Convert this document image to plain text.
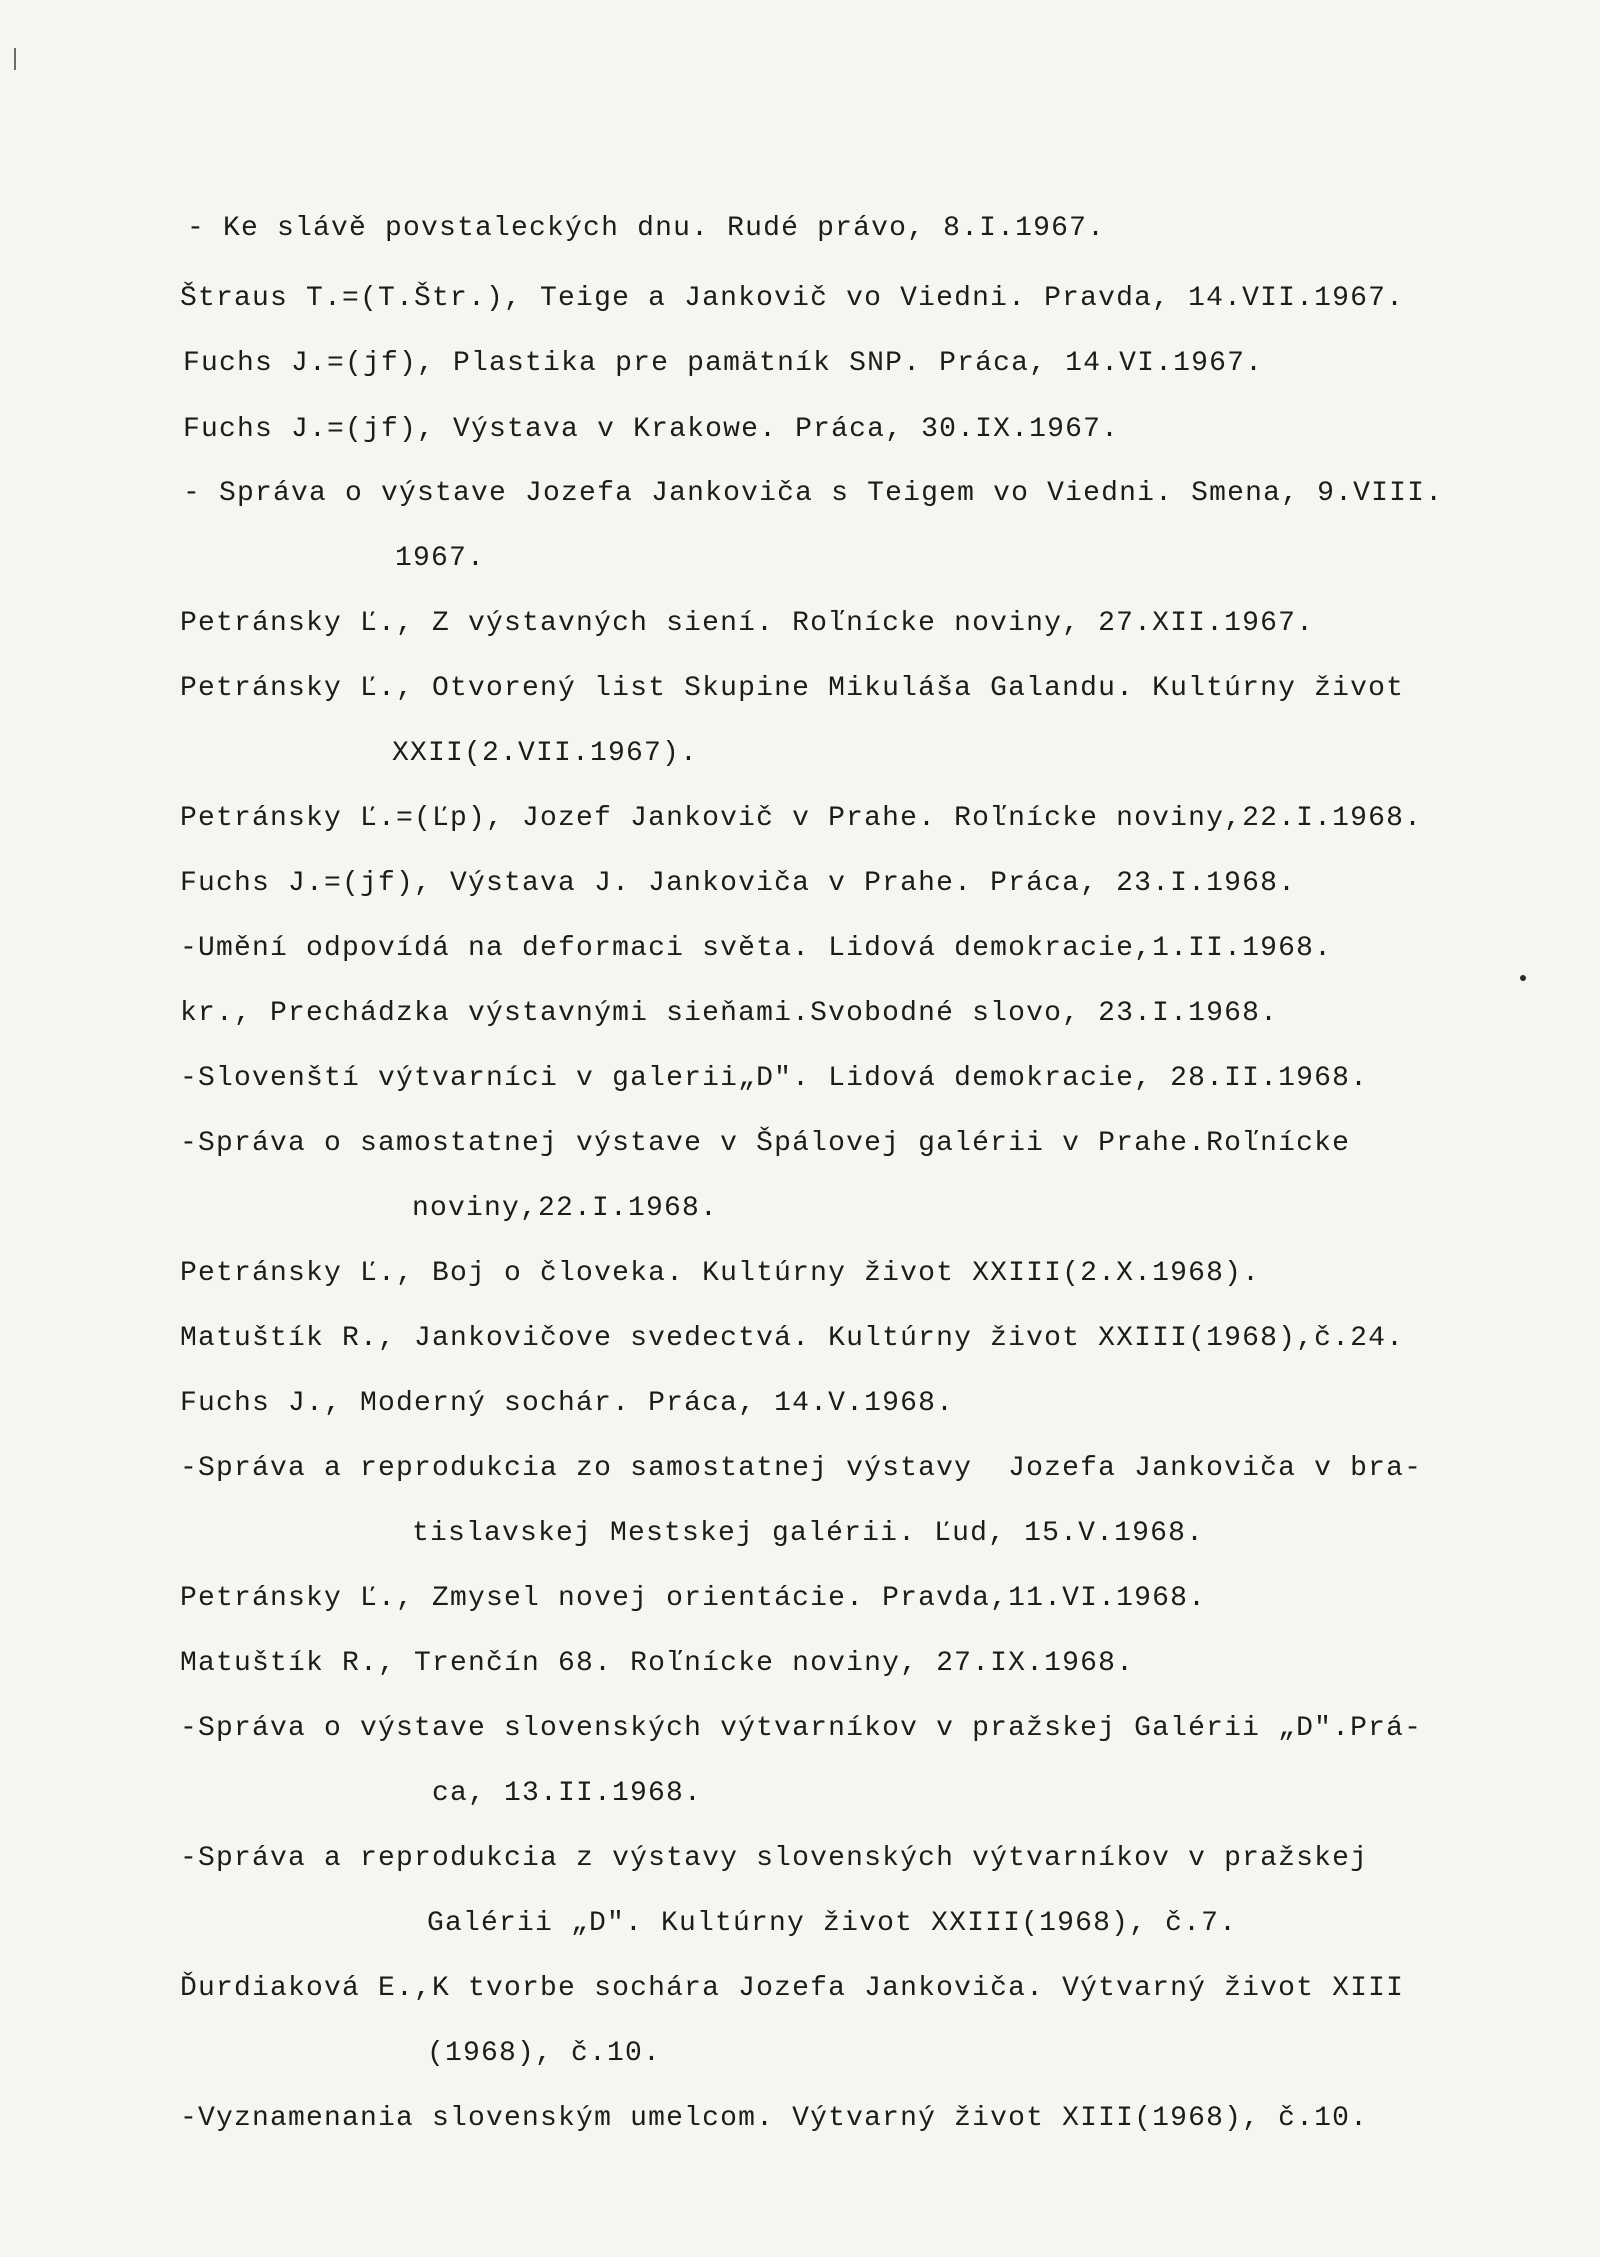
- Ke slávě povstaleckých dnu. Rudé právo, 8.I.1967.
Štraus T.=(T.Štr.), Teige a Jankovič vo Viedni. Pravda, 14.VII.1967.
Fuchs J.=(jf), Plastika pre pamätník SNP. Práca, 14.VI.1967.
Fuchs J.=(jf), Výstava v Krakowe. Práca, 30.IX.1967.
- Správa o výstave Jozefa Jankoviča s Teigem vo Viedni. Smena, 9.VIII.
1967.
Petránsky Ľ., Z výstavných siení. Roľnícke noviny, 27.XII.1967.
Petránsky Ľ., Otvorený list Skupine Mikuláša Galandu. Kultúrny život
XXII(2.VII.1967).
Petránsky Ľ.=(Ľp), Jozef Jankovič v Prahe. Roľnícke noviny,22.I.1968.
Fuchs J.=(jf), Výstava J. Jankoviča v Prahe. Práca, 23.I.1968.
-Umění odpovídá na deformaci světa. Lidová demokracie,1.II.1968.
kr., Prechádzka výstavnými sieňami.Svobodné slovo, 23.I.1968.
-Slovenští výtvarníci v galerii„D". Lidová demokracie, 28.II.1968.
-Správa o samostatnej výstave v Špálovej galérii v Prahe.Roľnícke
noviny,22.I.1968.
Petránsky Ľ., Boj o človeka. Kultúrny život XXIII(2.X.1968).
Matuštík R., Jankovičove svedectvá. Kultúrny život XXIII(1968),č.24.
Fuchs J., Moderný sochár. Práca, 14.V.1968.
-Správa a reprodukcia zo samostatnej výstavy  Jozefa Jankoviča v bra-
tislavskej Mestskej galérii. Ľud, 15.V.1968.
Petránsky Ľ., Zmysel novej orientácie. Pravda,11.VI.1968.
Matuštík R., Trenčín 68. Roľnícke noviny, 27.IX.1968.
-Správa o výstave slovenských výtvarníkov v pražskej Galérii „D".Prá-
ca, 13.II.1968.
-Správa a reprodukcia z výstavy slovenských výtvarníkov v pražskej
Galérii „D". Kultúrny život XXIII(1968), č.7.
Ďurdiaková E.,K tvorbe sochára Jozefa Jankoviča. Výtvarný život XIII
(1968), č.10.
-Vyznamenania slovenským umelcom. Výtvarný život XIII(1968), č.10.
